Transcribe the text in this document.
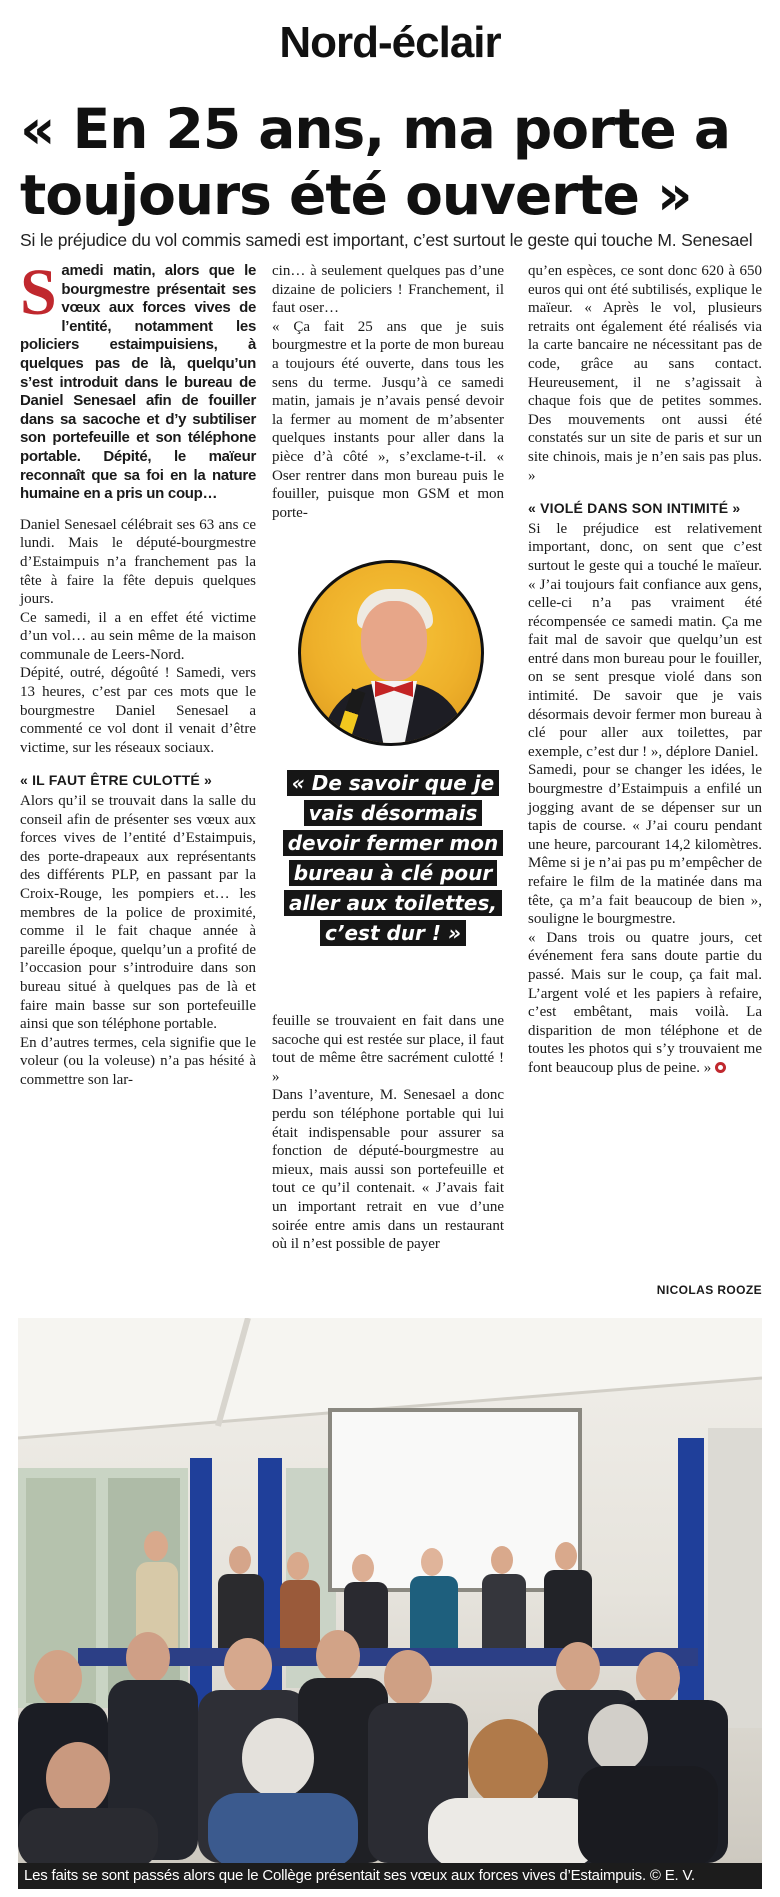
Nord-éclair
« En 25 ans, ma porte a toujours été ouverte »
Si le préjudice du vol commis samedi est important, c’est surtout le geste qui touche M. Senesael

Samedi matin, alors que le bourgmestre présentait ses vœux aux forces vives de l’entité, notamment les policiers estaimpuisiens, à quelques pas de là, quelqu’un s’est introduit dans le bureau de Daniel Senesael afin de fouiller dans sa sacoche et d’y subtiliser son portefeuille et son téléphone portable. Dépité, le maïeur reconnaît que sa foi en la nature humaine en a pris un coup…

Daniel Senesael célébrait ses 63 ans ce lundi. Mais le député-bourgmestre d’Estaimpuis n’a franchement pas la tête à faire la fête depuis quelques jours.

Ce samedi, il a en effet été victime d’un vol… au sein même de la maison communale de Leers-Nord.

Dépité, outré, dégoûté ! Samedi, vers 13 heures, c’est par ces mots que le bourgmestre Daniel Senesael a commenté ce vol dont il venait d’être victime, sur les réseaux sociaux.

« IL FAUT ÊTRE CULOTTÉ »

Alors qu’il se trouvait dans la salle du conseil afin de présenter ses vœux aux forces vives de l’entité d’Estaimpuis, des porte-drapeaux aux représentants des différents PLP, en passant par la Croix-Rouge, les pompiers et… les membres de la police de proximité, comme il le fait chaque année à pareille époque, quelqu’un a profité de l’occasion pour s’introduire dans son bureau situé à quelques pas de là et faire main basse sur son portefeuille ainsi que son téléphone portable.

En d’autres termes, cela signifie que le voleur (ou la voleuse) n’a pas hésité à commettre son lar-

cin… à seulement quelques pas d’une dizaine de policiers ! Franchement, il faut oser…

« Ça fait 25 ans que je suis bourgmestre et la porte de mon bureau a toujours été ouverte, dans tous les sens du terme. Jusqu’à ce samedi matin, jamais je n’avais pensé devoir la fermer au moment de m’absenter quelques instants pour aller dans la pièce d’à côté », s’exclame-t-il. « Oser rentrer dans mon bureau puis le fouiller, puisque mon GSM et mon porte-

« De savoir que je vais désormais devoir fermer mon bureau à clé pour aller aux toilettes, c’est dur ! »

feuille se trouvaient en fait dans une sacoche qui est restée sur place, il faut tout de même être sacrément culotté ! »

Dans l’aventure, M. Senesael a donc perdu son téléphone portable qui lui était indispensable pour assurer sa fonction de député-bourgmestre au mieux, mais aussi son portefeuille et tout ce qu’il contenait. « J’avais fait un important retrait en vue d’une soirée entre amis dans un restaurant où il n’est possible de payer

qu’en espèces, ce sont donc 620 à 650 euros qui ont été subtilisés, explique le maïeur. « Après le vol, plusieurs retraits ont également été réalisés via la carte bancaire ne nécessitant pas de code, grâce au sans contact. Heureusement, il ne s’agissait à chaque fois que de petites sommes. Des mouvements ont aussi été constatés sur un site de paris et sur un site chinois, mais je n’en sais pas plus. »

« VIOLÉ DANS SON INTIMITÉ »

Si le préjudice est relativement important, donc, on sent que c’est surtout le geste qui a touché le maïeur. « J’ai toujours fait confiance aux gens, celle-ci n’a pas vraiment été récompensée ce samedi matin. Ça me fait mal de savoir que quelqu’un est entré dans mon bureau pour le fouiller, on se sent presque violé dans son intimité. De savoir que je vais désormais devoir fermer mon bureau à clé pour aller aux toilettes, par exemple, c’est dur ! », déplore Daniel.

Samedi, pour se changer les idées, le bourgmestre d’Estaimpuis a enfilé un jogging avant de se dépenser sur un tapis de course. « J’ai couru pendant une heure, parcourant 14,2 kilomètres. Même si je n’ai pas pu m’empêcher de refaire le film de la matinée dans ma tête, ça m’a fait beaucoup de bien », souligne le bourgmestre.

« Dans trois ou quatre jours, cet événement fera sans doute partie du passé. Mais sur le coup, ça fait mal. L’argent volé et les papiers à refaire, c’est embêtant, mais voilà. La disparition de mon téléphone et de toutes les photos qui s’y trouvaient me font beaucoup plus de peine. »

NICOLAS ROOZE
Les faits se sont passés alors que le Collège présentait ses vœux aux forces vives d’Estaimpuis. © E. V.
